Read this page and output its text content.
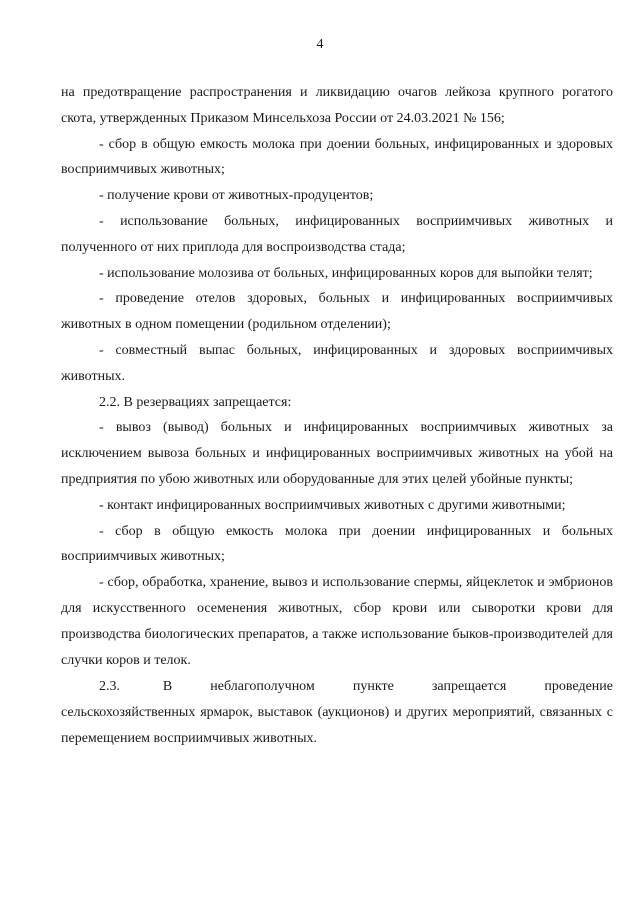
4

на предотвращение распространения и ликвидацию очагов лейкоза крупного рогатого скота, утвержденных Приказом Минсельхоза России от 24.03.2021 № 156;

- сбор в общую емкость молока при доении больных, инфицированных и здоровых восприимчивых животных;

- получение крови от животных-продуцентов;

- использование больных, инфицированных восприимчивых животных и полученного от них приплода для воспроизводства стада;

- использование молозива от больных, инфицированных коров для выпойки телят;

- проведение отелов здоровых, больных и инфицированных восприимчивых животных в одном помещении (родильном отделении);

- совместный выпас больных, инфицированных и здоровых восприимчивых животных.

2.2. В резервациях запрещается:

- вывоз (вывод) больных и инфицированных восприимчивых животных за исключением вывоза больных и инфицированных восприимчивых животных на убой на предприятия по убою животных или оборудованные для этих целей убойные пункты;

- контакт инфицированных восприимчивых животных с другими животными;

- сбор в общую емкость молока при доении инфицированных и больных восприимчивых животных;

- сбор, обработка, хранение, вывоз и использование спермы, яйцеклеток и эмбрионов для искусственного осеменения животных, сбор крови или сыворотки крови для производства биологических препаратов, а также использование быков-производителей для случки коров и телок.

2.3.         В        неблагополучном        пункте        запрещается        проведение сельскохозяйственных ярмарок, выставок (аукционов) и других мероприятий, связанных с перемещением восприимчивых животных.
